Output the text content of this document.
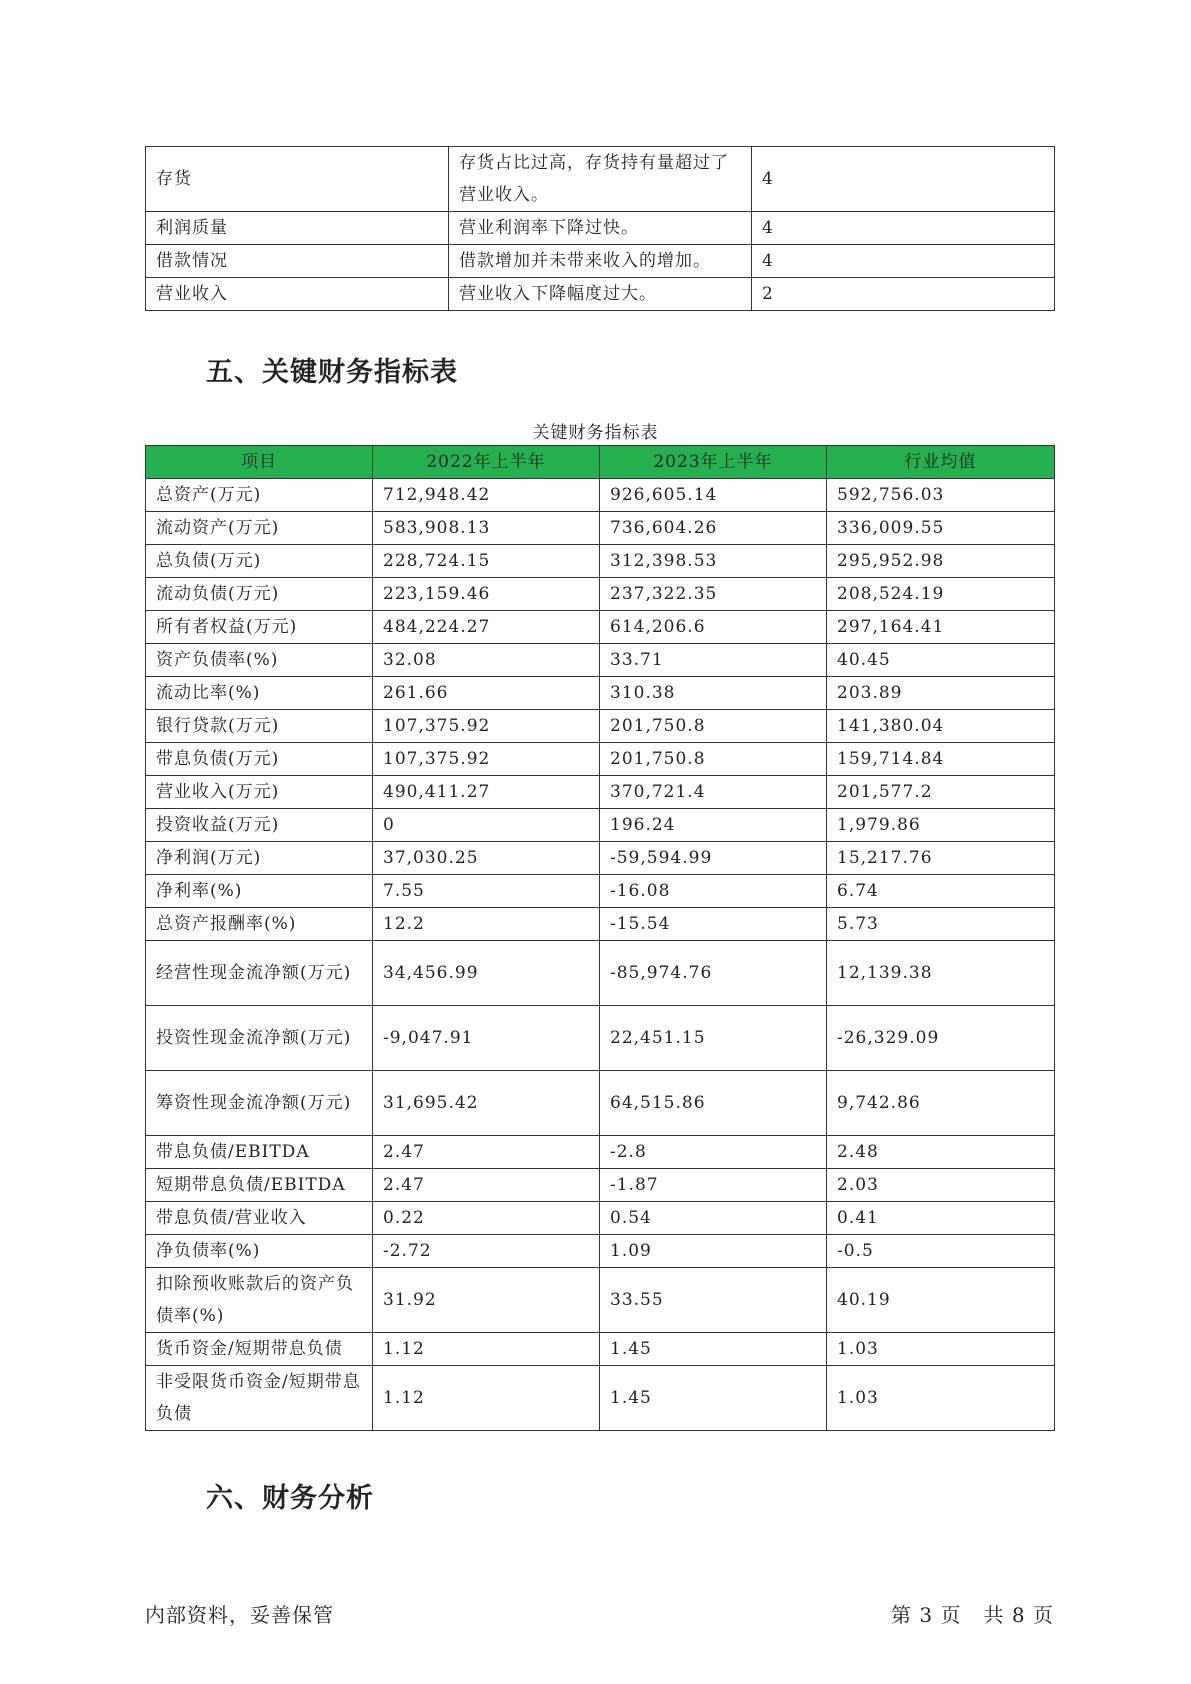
存货	存货占比过高，存货持有量超过了营业收入。	4
利润质量	营业利润率下降过快。	4
借款情况	借款增加并未带来收入的增加。	4
营业收入	营业收入下降幅度过大。	2
五、关键财务指标表
关键财务指标表
项目	2022年上半年	2023年上半年	行业均值
总资产(万元)	712,948.42	926,605.14	592,756.03
流动资产(万元)	583,908.13	736,604.26	336,009.55
总负债(万元)	228,724.15	312,398.53	295,952.98
流动负债(万元)	223,159.46	237,322.35	208,524.19
所有者权益(万元)	484,224.27	614,206.6	297,164.41
资产负债率(%)	32.08	33.71	40.45
流动比率(%)	261.66	310.38	203.89
银行贷款(万元)	107,375.92	201,750.8	141,380.04
带息负债(万元)	107,375.92	201,750.8	159,714.84
营业收入(万元)	490,411.27	370,721.4	201,577.2
投资收益(万元)	0	196.24	1,979.86
净利润(万元)	37,030.25	-59,594.99	15,217.76
净利率(%)	7.55	-16.08	6.74
总资产报酬率(%)	12.2	-15.54	5.73
经营性现金流净额(万元)	34,456.99	-85,974.76	12,139.38
投资性现金流净额(万元)	-9,047.91	22,451.15	-26,329.09
筹资性现金流净额(万元)	31,695.42	64,515.86	9,742.86
带息负债/EBITDA	2.47	-2.8	2.48
短期带息负债/EBITDA	2.47	-1.87	2.03
带息负债/营业收入	0.22	0.54	0.41
净负债率(%)	-2.72	1.09	-0.5
扣除预收账款后的资产负债率(%)	31.92	33.55	40.19
货币资金/短期带息负债	1.12	1.45	1.03
非受限货币资金/短期带息负债	1.12	1.45	1.03
六、财务分析
内部资料，妥善保管	第 3 页   共 8 页
